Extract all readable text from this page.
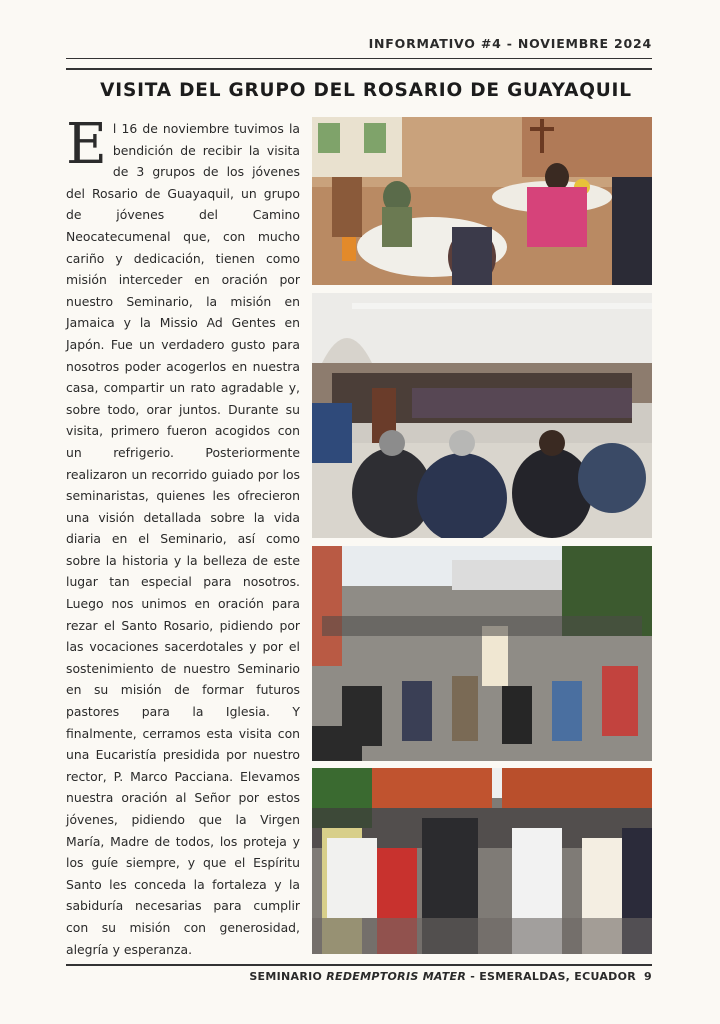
INFORMATIVO #4 - NOVIEMBRE 2024
VISITA DEL GRUPO DEL ROSARIO DE GUAYAQUIL
El 16 de noviembre tuvimos la bendición de recibir la visita de 3 grupos de los jóvenes del Rosario de Guayaquil, un grupo de jóvenes del Camino Neocatecumenal que, con mucho cariño y dedicación, tienen como misión interceder en oración por nuestro Seminario, la misión en Jamaica y la Missio Ad Gentes en Japón. Fue un verdadero gusto para nosotros poder acogerlos en nuestra casa, compartir un rato agradable y, sobre todo, orar juntos. Durante su visita, primero fueron acogidos con un refrigerio. Posteriormente realizaron un recorrido guiado por los seminaristas, quienes les ofrecieron una visión detallada sobre la vida diaria en el Seminario, así como sobre la historia y la belleza de este lugar tan especial para nosotros. Luego nos unimos en oración para rezar el Santo Rosario, pidiendo por las vocaciones sacerdotales y por el sostenimiento de nuestro Seminario en su misión de formar futuros pastores para la Iglesia. Y finalmente, cerramos esta visita con una Eucaristía presidida por nuestro rector, P. Marco Pacciana. Elevamos nuestra oración al Señor por estos jóvenes, pidiendo que la Virgen María, Madre de todos, los proteja y los guíe siempre, y que el Espíritu Santo les conceda la fortaleza y la sabiduría necesarias para cumplir con su misión con generosidad, alegría y esperanza.
SEMINARIO REDEMPTORIS MATER - ESMERALDAS, ECUADOR 9
